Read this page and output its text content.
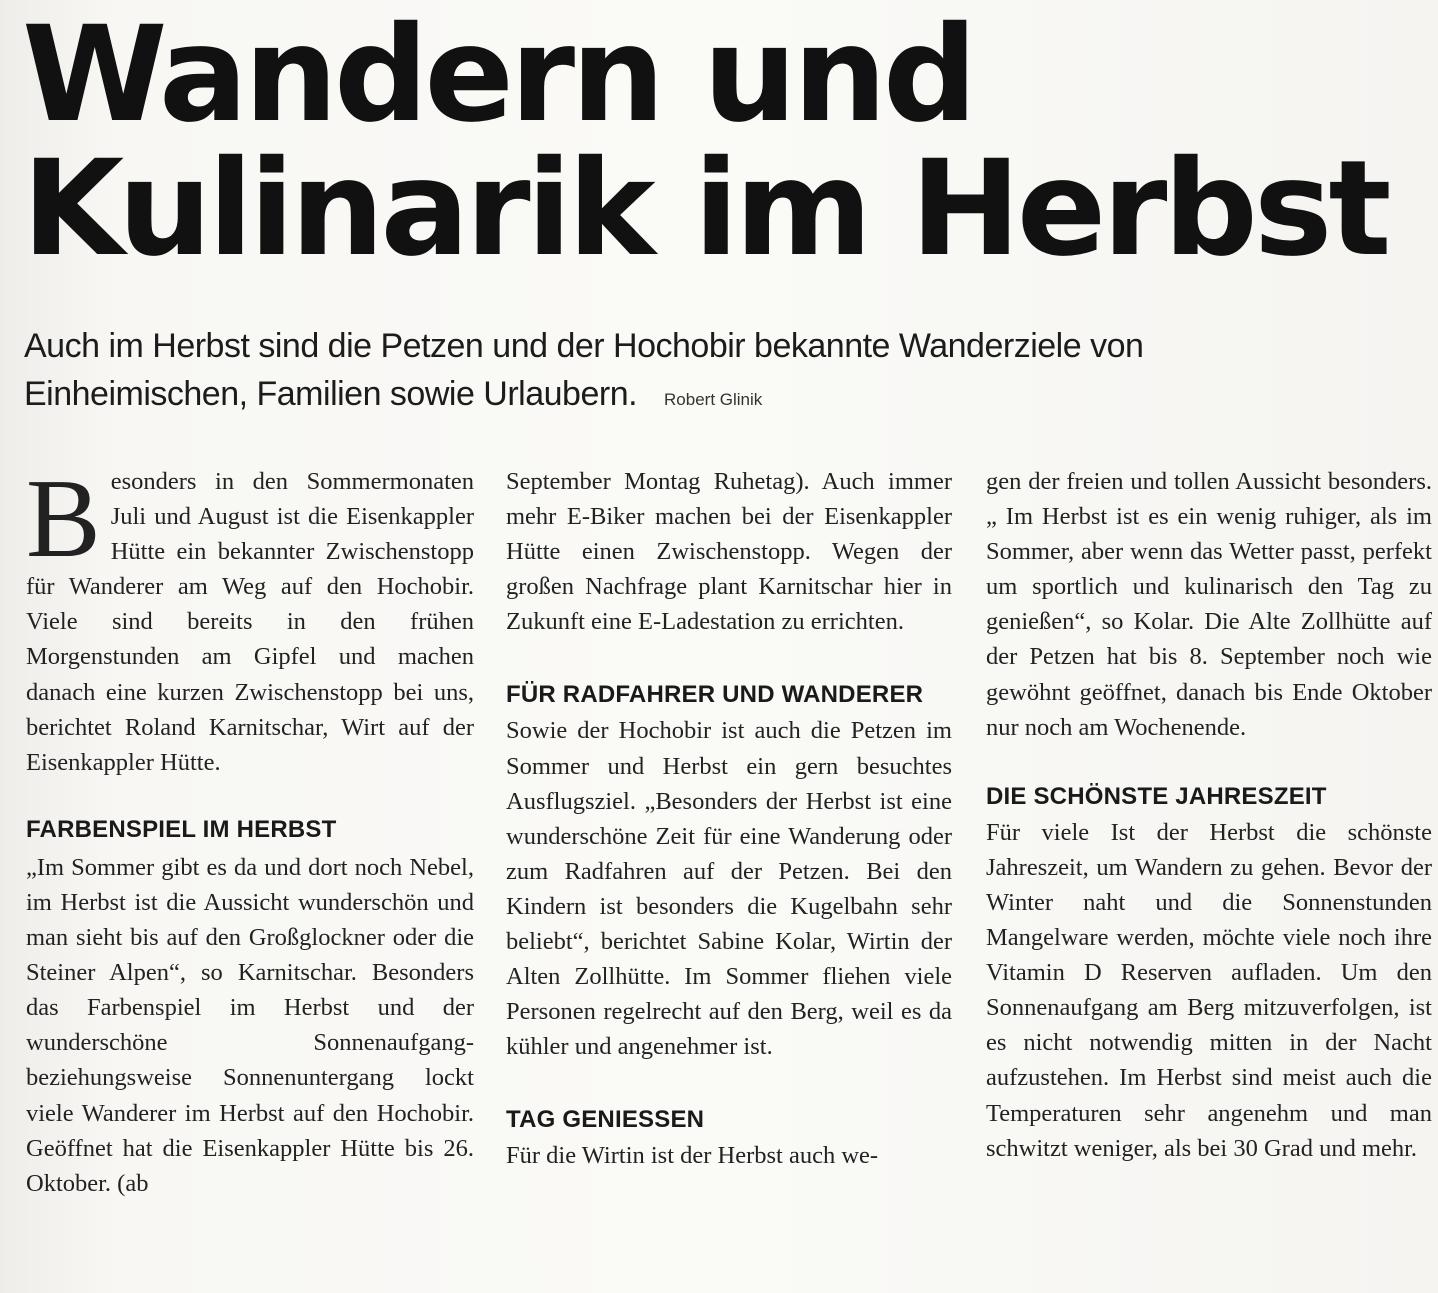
Wandern und
Kulinarik im Herbst

Auch im Herbst sind die Petzen und der Hochobir bekannte Wanderziele von Einheimischen, Familien sowie Urlaubern. Robert Glinik

B esonders in den Sommermonaten Juli und August ist die Eisenkappler Hütte ein bekannter Zwischenstopp für Wanderer am Weg auf den Hochobir. Viele sind bereits in den frühen Morgenstunden am Gipfel und machen danach eine kurzen Zwischenstopp bei uns, berichtet Roland Karnitschar, Wirt auf der Eisenkappler Hütte.

FARBENSPIEL IM HERBST

„Im Sommer gibt es da und dort noch Nebel, im Herbst ist die Aussicht wunderschön und man sieht bis auf den Großglockner oder die Steiner Alpen“, so Karnitschar. Besonders das Farbenspiel im Herbst und der wunderschöne Sonnenaufgang-beziehungsweise Sonnenuntergang lockt viele Wanderer im Herbst auf den Hochobir. Geöffnet hat die Eisenkappler Hütte bis 26. Oktober. (ab

September Montag Ruhetag). Auch immer mehr E-Biker machen bei der Eisenkappler Hütte einen Zwischenstopp. Wegen der großen Nachfrage plant Karnitschar hier in Zukunft eine E-Ladestation zu errichten.

FÜR RADFAHRER UND WANDERER

Sowie der Hochobir ist auch die Petzen im Sommer und Herbst ein gern besuchtes Ausflugsziel. „Besonders der Herbst ist eine wunderschöne Zeit für eine Wanderung oder zum Radfahren auf der Petzen. Bei den Kindern ist besonders die Kugelbahn sehr beliebt“, berichtet Sabine Kolar, Wirtin der Alten Zollhütte. Im Sommer fliehen viele Personen regelrecht auf den Berg, weil es da kühler und angenehmer ist.

TAG GENIESSEN

Für die Wirtin ist der Herbst auch we-

gen der freien und tollen Aussicht besonders. „ Im Herbst ist es ein wenig ruhiger, als im Sommer, aber wenn das Wetter passt, perfekt um sportlich und kulinarisch den Tag zu genießen“, so Kolar. Die Alte Zollhütte auf der Petzen hat bis 8. September noch wie gewöhnt geöffnet, danach bis Ende Oktober nur noch am Wochenende.

DIE SCHÖNSTE JAHRESZEIT

Für viele Ist der Herbst die schönste Jahreszeit, um Wandern zu gehen. Bevor der Winter naht und die Sonnenstunden Mangelware werden, möchte viele noch ihre Vitamin D Reserven aufladen. Um den Sonnenaufgang am Berg mitzuverfolgen, ist es nicht notwendig mitten in der Nacht aufzustehen. Im Herbst sind meist auch die Temperaturen sehr angenehm und man schwitzt weniger, als bei 30 Grad und mehr.
